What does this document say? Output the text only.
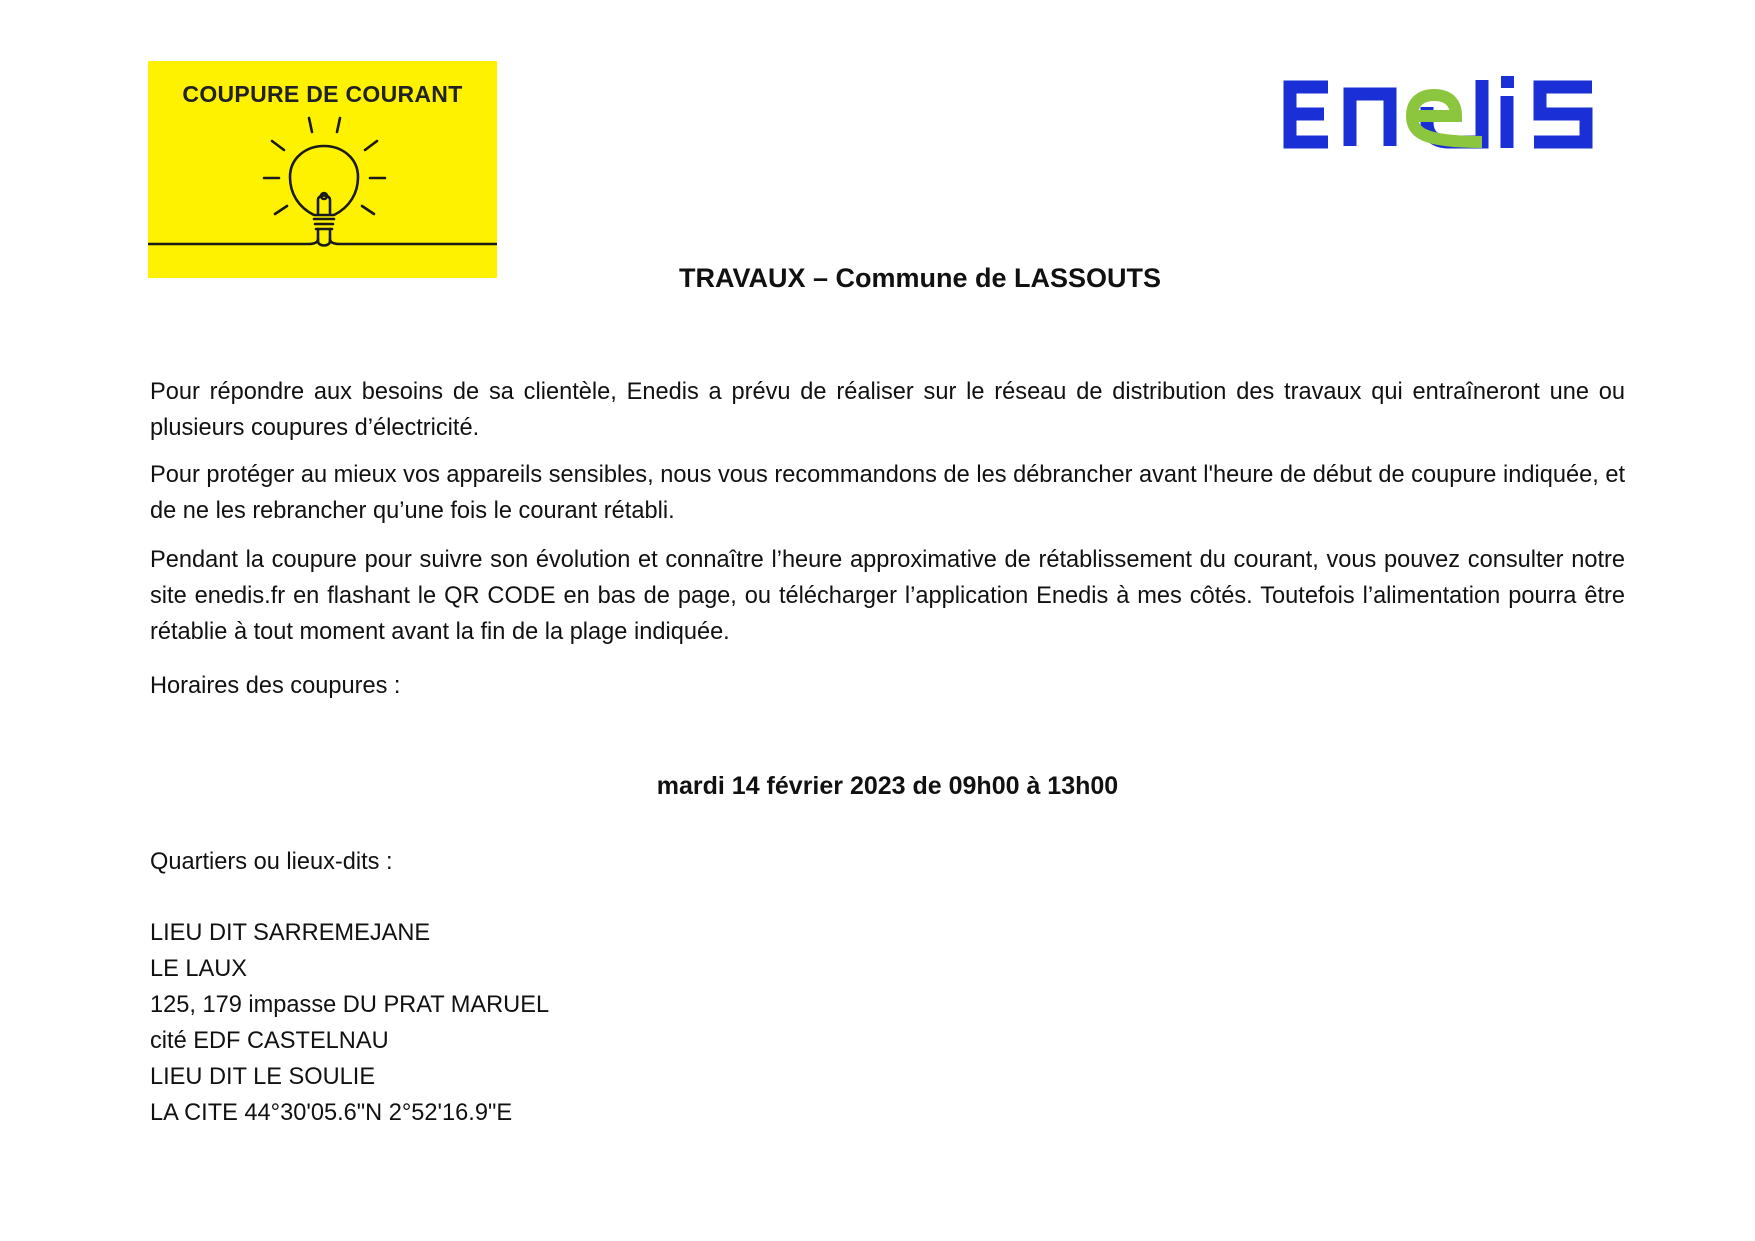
COUPURE DE COURANT
TRAVAUX – Commune de LASSOUTS
Pour répondre aux besoins de sa clientèle, Enedis a prévu de réaliser sur le réseau de distribution des travaux qui entraîneront une ou plusieurs coupures d’électricité.
Pour protéger au mieux vos appareils sensibles, nous vous recommandons de les débrancher avant l'heure de début de coupure indiquée, et de ne les rebrancher qu’une fois le courant rétabli.
Pendant la coupure pour suivre son évolution et connaître l’heure approximative de rétablissement du courant, vous pouvez consulter notre site enedis.fr en flashant le QR CODE en bas de page, ou télécharger l’application Enedis à mes côtés. Toutefois l’alimentation pourra être rétablie à tout moment avant la fin de la plage indiquée.
Horaires des coupures :
mardi 14 février 2023 de 09h00 à 13h00
Quartiers ou lieux-dits :
LIEU DIT SARREMEJANE
LE LAUX
125, 179 impasse DU PRAT MARUEL
cité EDF CASTELNAU
LIEU DIT LE SOULIE
LA CITE 44°30'05.6"N 2°52'16.9"E
